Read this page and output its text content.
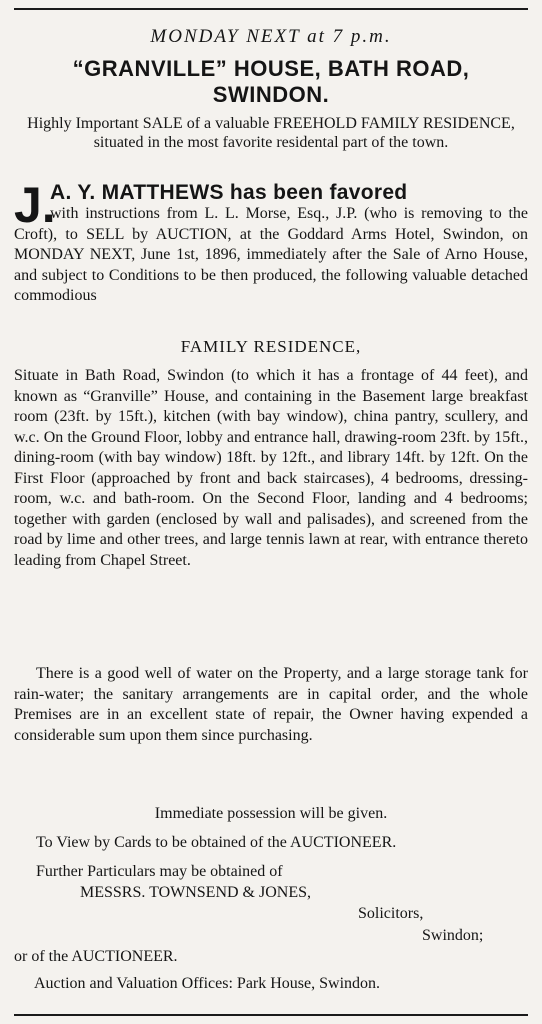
MONDAY NEXT at 7 p.m.
“GRANVILLE” HOUSE, BATH ROAD,
SWINDON.
Highly Important SALE of a valuable FREEHOLD FAMILY RESIDENCE, situated in the most favorite residental part of the town.
J.
A. Y. MATTHEWS has been favored
with instructions from L. L. Morse, Esq., J.P. (who is removing to the Croft), to SELL by AUCTION, at the Goddard Arms Hotel, Swindon, on MONDAY NEXT, June 1st, 1896, immediately after the Sale of Arno House, and subject to Conditions to be then produced, the following valuable detached commodious
FAMILY RESIDENCE,
Situate in Bath Road, Swindon (to which it has a frontage of 44 feet), and known as “Granville” House, and containing in the Basement large breakfast room (23ft. by 15ft.), kitchen (with bay window), china pantry, scullery, and w.c. On the Ground Floor, lobby and entrance hall, drawing-room 23ft. by 15ft., dining-room (with bay window) 18ft. by 12ft., and library 14ft. by 12ft. On the First Floor (approached by front and back staircases), 4 bedrooms, dressing-room, w.c. and bath-room. On the Second Floor, landing and 4 bedrooms; together with garden (enclosed by wall and palisades), and screened from the road by lime and other trees, and large tennis lawn at rear, with entrance thereto leading from Chapel Street.
There is a good well of water on the Property, and a large storage tank for rain-water; the sanitary arrangements are in capital order, and the whole Premises are in an excellent state of repair, the Owner having expended a considerable sum upon them since purchasing.
Immediate possession will be given.
To View by Cards to be obtained of the AUCTIONEER.
Further Particulars may be obtained of
MESSRS. TOWNSEND & JONES,
Solicitors,
Swindon;
or of the AUCTIONEER.
Auction and Valuation Offices: Park House, Swindon.
